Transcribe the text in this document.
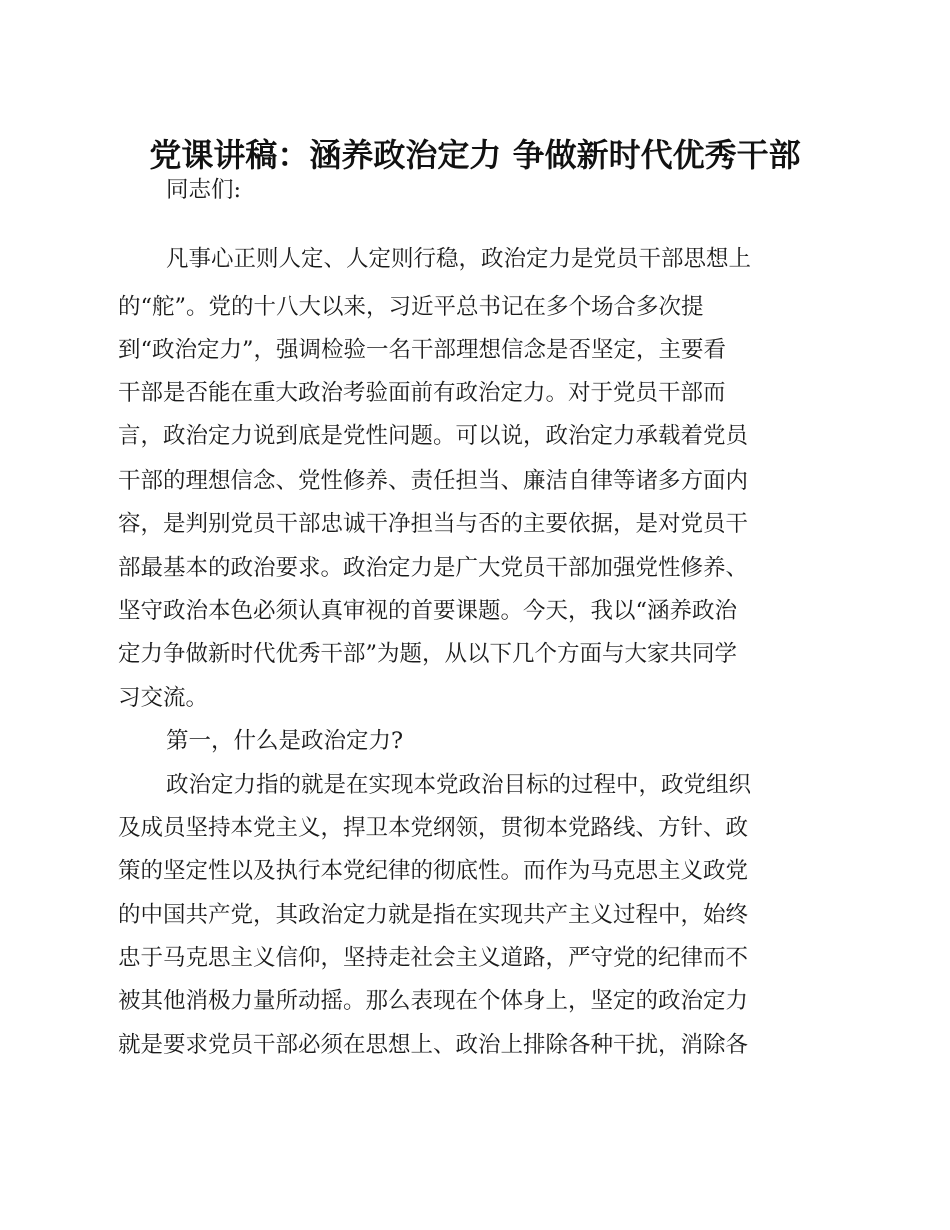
党课讲稿：涵养政治定力 争做新时代优秀干部
同志们:
凡事心正则人定、人定则行稳，政治定力是党员干部思想上
的“舵”。党的十八大以来，习近平总书记在多个场合多次提
到“政治定力”，强调检验一名干部理想信念是否坚定，主要看
干部是否能在重大政治考验面前有政治定力。对于党员干部而
言，政治定力说到底是党性问题。可以说，政治定力承载着党员
干部的理想信念、党性修养、责任担当、廉洁自律等诸多方面内
容，是判别党员干部忠诚干净担当与否的主要依据，是对党员干
部最基本的政治要求。政治定力是广大党员干部加强党性修养、
坚守政治本色必须认真审视的首要课题。今天，我以“涵养政治
定力争做新时代优秀干部”为题，从以下几个方面与大家共同学
习交流。
第一，什么是政治定力?
政治定力指的就是在实现本党政治目标的过程中，政党组织
及成员坚持本党主义，捍卫本党纲领，贯彻本党路线、方针、政
策的坚定性以及执行本党纪律的彻底性。而作为马克思主义政党
的中国共产党，其政治定力就是指在实现共产主义过程中，始终
忠于马克思主义信仰，坚持走社会主义道路，严守党的纪律而不
被其他消极力量所动摇。那么表现在个体身上，坚定的政治定力
就是要求党员干部必须在思想上、政治上排除各种干扰，消除各
